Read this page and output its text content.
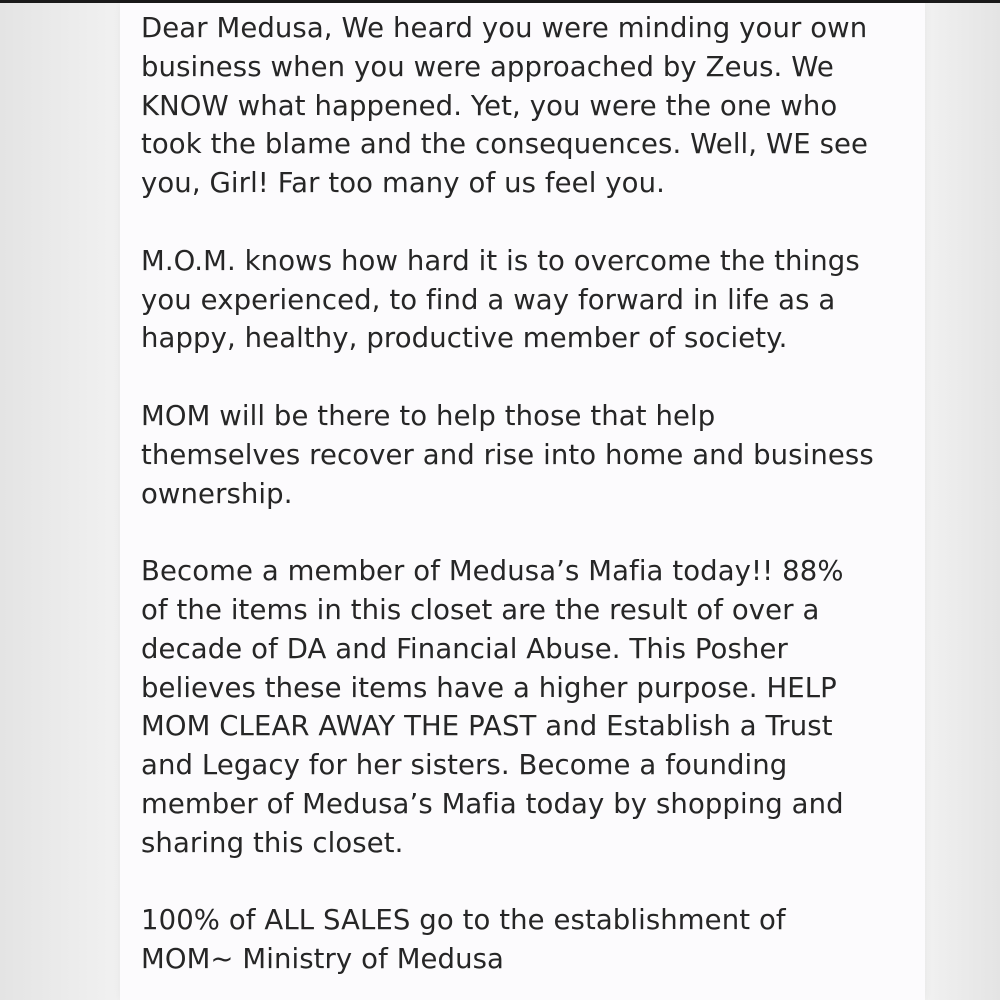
Dear Medusa, We heard you were minding your own
business when you were approached by Zeus. We
KNOW what happened. Yet, you were the one who
took the blame and the consequences. Well, WE see
you, Girl! Far too many of us feel you.

M.O.M. knows how hard it is to overcome the things
you experienced, to find a way forward in life as a
happy, healthy, productive member of society.

MOM will be there to help those that help
themselves recover and rise into home and business
ownership.

Become a member of Medusa’s Mafia today!! 88%
of the items in this closet are the result of over a
decade of DA and Financial Abuse. This Posher
believes these items have a higher purpose. HELP
MOM CLEAR AWAY THE PAST and Establish a Trust
and Legacy for her sisters. Become a founding
member of Medusa’s Mafia today by shopping and
sharing this closet.

100% of ALL SALES go to the establishment of
MOM~ Ministry of Medusa
